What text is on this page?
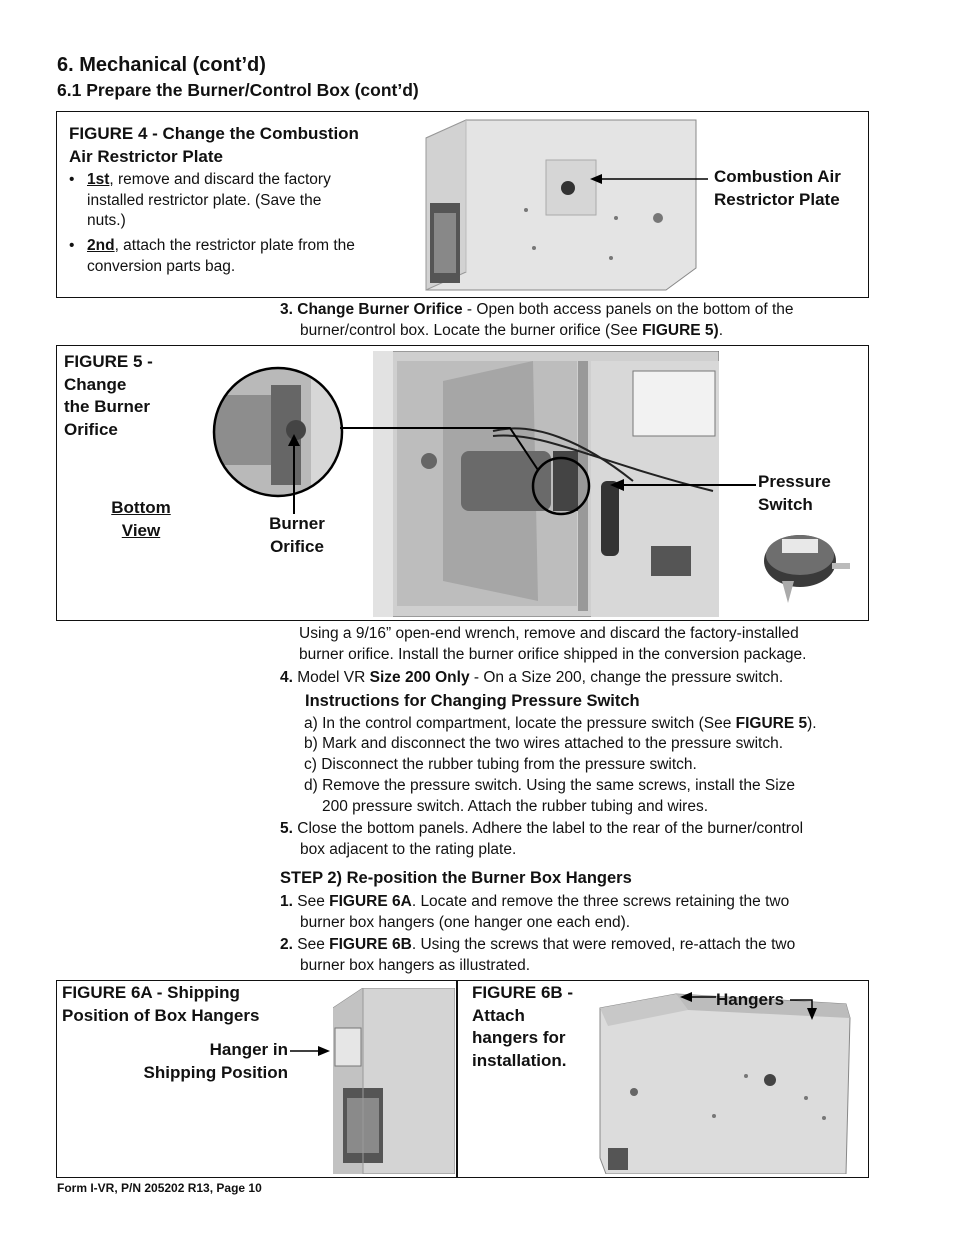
6. Mechanical (cont’d)
6.1 Prepare the Burner/Control Box (cont’d)
FIGURE 4 - Change the Combustion
Air Restrictor Plate
• 1st, remove and discard the factory
installed restrictor plate. (Save the
nuts.)
• 2nd, attach the restrictor plate from the
conversion parts bag.
Combustion Air
Restrictor Plate
3. Change Burner Orifice - Open both access panels on the bottom of the
burner/control box. Locate the burner orifice (See FIGURE 5).
FIGURE 5 -
Change
the Burner
Orifice
Bottom
View	Burner
Orifice
Pressure
Switch
Using a 9/16” open-end wrench, remove and discard the factory-installed
burner orifice. Install the burner orifice shipped in the conversion package.
4. Model VR Size 200 Only - On a Size 200, change the pressure switch.
Instructions for Changing Pressure Switch
a) In the control compartment, locate the pressure switch (See FIGURE 5).
b) Mark and disconnect the two wires attached to the pressure switch.
c) Disconnect the rubber tubing from the pressure switch.
d) Remove the pressure switch. Using the same screws, install the Size
200 pressure switch. Attach the rubber tubing and wires.
5. Close the bottom panels. Adhere the label to the rear of the burner/control
box adjacent to the rating plate.
STEP 2) Re-position the Burner Box Hangers
1. See FIGURE 6A. Locate and remove the three screws retaining the two
burner box hangers (one hanger one each end).
2. See FIGURE 6B. Using the screws that were removed, re-attach the two
burner box hangers as illustrated.
FIGURE 6A - Shipping
Position of Box Hangers
Hanger in
Shipping Position
FIGURE 6B -
Attach
hangers for
installation.
Hangers
Form I-VR, P/N 205202 R13, Page 10
